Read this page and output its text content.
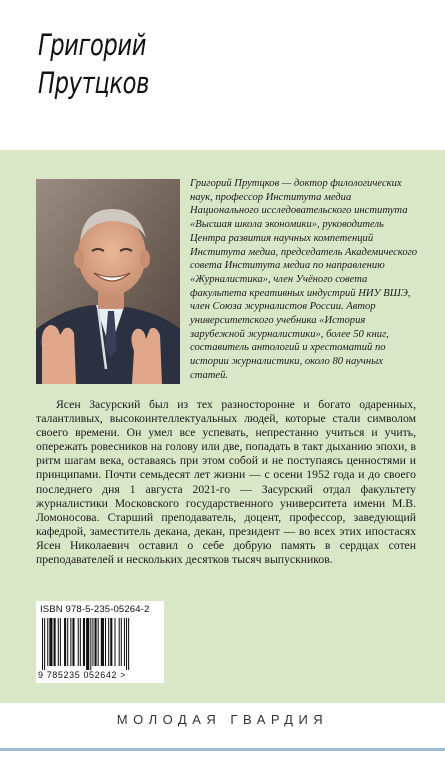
Григорий
Прутцков
Григорий Прутцков — доктор филологических наук, профессор Института медиа Национального исследовательского института «Высшая школа экономики», руководитель Центра развития научных компетенций Института медиа, председатель Академического совета Института медиа по направлению «Журналистика», член Учёного совета факультета креативных индустрий НИУ ВШЭ, член Союза журналистов России. Автор университетского учебника «История зарубежной журналистики», более 50 книг, составитель антологий и хрестоматий по истории журналистики, около 80 научных статей.
Ясен Засурский был из тех разносторонне и богато одаренных, талантливых, высокоинтеллектуальных людей, которые стали символом своего времени. Он умел все успевать, непрестанно учиться и учить, опережать ровесников на голову или две, попадать в такт дыханию эпохи, в ритм шагам века, оставаясь при этом собой и не поступаясь ценностями и принципами. Почти семьдесят лет жизни — с осени 1952 года и до своего последнего дня 1 августа 2021-го — Засурский отдал факультету журналистики Московского государственного университета имени М.В. Ломоносова. Старший преподаватель, доцент, профессор, заведующий кафедрой, заместитель декана, декан, президент — во всех этих ипостасях Ясен Николаевич оставил о себе добрую память в сердцах сотен преподавателей и нескольких десятков тысяч выпускников.
ISBN 978-5-235-05264-2
9 785235 052642 >
МОЛОДАЯ ГВАРДИЯ
